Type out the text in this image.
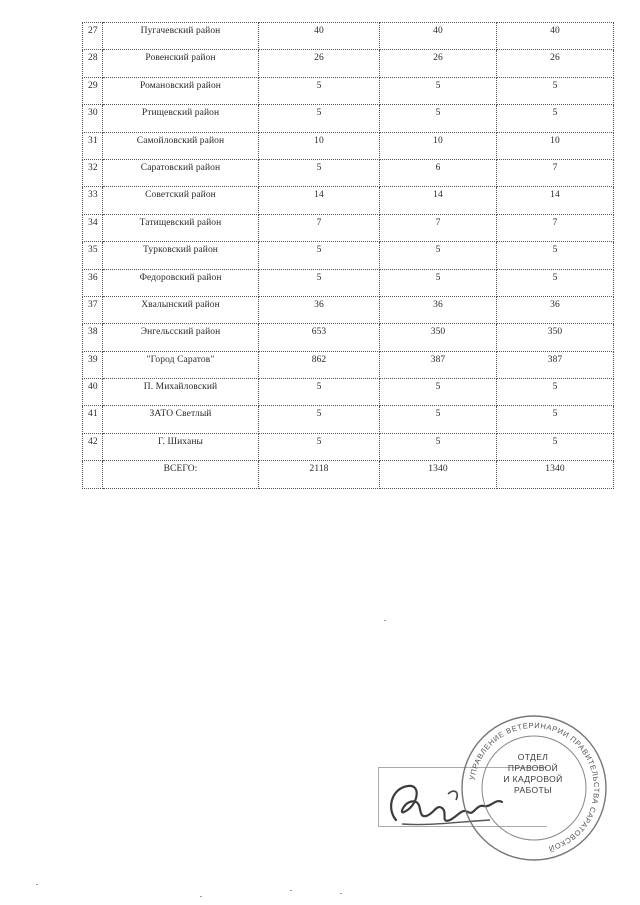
27	Пугачевский район	40	40	40
28	Ровенский район	26	26	26
29	Романовский район	5	5	5
30	Ртищевский район	5	5	5
31	Самойловский район	10	10	10
32	Саратовский район	5	6	7
33	Советский район	14	14	14
34	Татищевский район	7	7	7
35	Турковский район	5	5	5
36	Федоровский район	5	5	5
37	Хвалынский район	36	36	36
38	Энгельсский район	653	350	350
39	"Город Саратов"	862	387	387
40	П. Михайловский	5	5	5
41	ЗАТО Светлый	5	5	5
42	Г. Шиханы	5	5	5
	ВСЕГО:	2118	1340	1340
УПРАВЛЕНИЕ ВЕТЕРИНАРИИ ПРАВИТЕЛЬСТВА САРАТОВСКОЙ
ОТДЕЛ
ПРАВОВОЙ
И КАДРОВОЙ
РАБОТЫ
